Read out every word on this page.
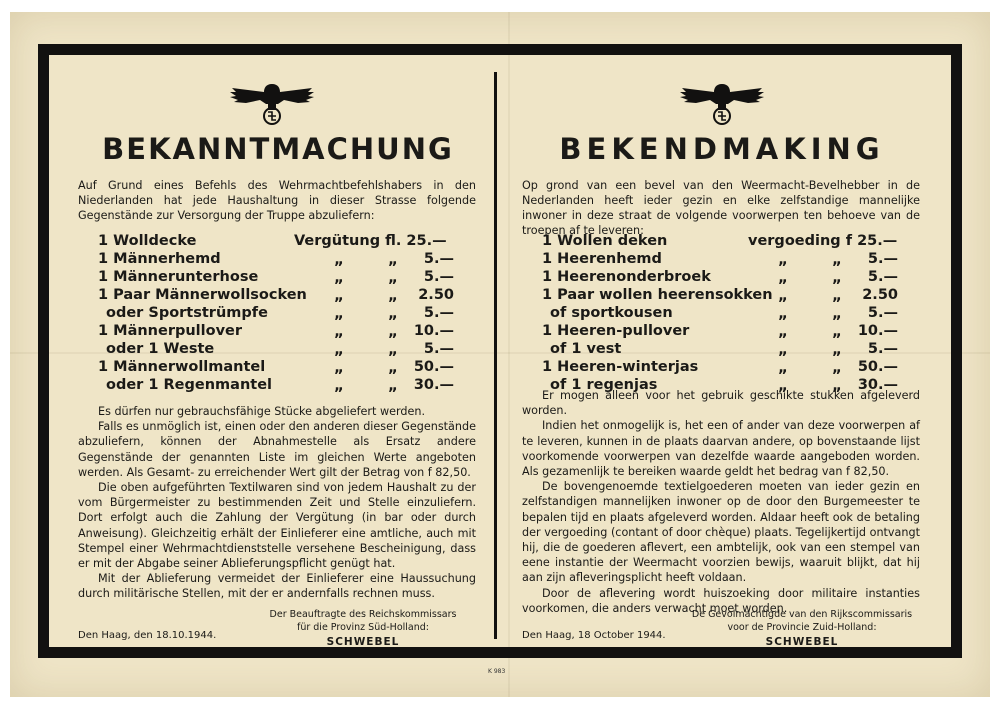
BEKANNTMACHUNG
Auf Grund eines Befehls des Wehrmachtbefehlshabers in den Niederlanden hat jede Haushaltung in dieser Strasse folgende Gegenstände zur Versorgung der Truppe abzuliefern:
1 Wolldecke	Vergütung fl. 25.—
1 Männerhemd	„	„ 5.—
1 Männerunterhose	„	„ 5.—
1 Paar Männerwollsocken „	„ 2.50
oder Sportstrümpfe	„	„ 5.—
1 Männerpullover	„	„ 10.—
oder 1 Weste	„	„ 5.—
1 Männerwollmantel	„	„ 50.—
oder 1 Regenmantel	„	„ 30.—

Es dürfen nur gebrauchsfähige Stücke abgeliefert werden.

Falls es unmöglich ist, einen oder den anderen dieser Gegenstände abzuliefern, können der Abnahmestelle als Ersatz andere Gegenstände der genannten Liste im gleichen Werte angeboten werden. Als Gesamt- zu erreichender Wert gilt der Betrag von f 82,50.

Die oben aufgeführten Textilwaren sind von jedem Haushalt zu der vom Bürgermeister zu bestimmenden Zeit und Stelle einzuliefern. Dort erfolgt auch die Zahlung der Vergütung (in bar oder durch Anweisung). Gleichzeitig erhält der Einlieferer eine amtliche, auch mit Stempel einer Wehrmachtdienststelle versehene Bescheinigung, dass er mit der Abgabe seiner Ablieferungspflicht genügt hat.

Mit der Ablieferung vermeidet der Einlieferer eine Haussuchung durch militärische Stellen, mit der er andernfalls rechnen muss.

Der Beauftragte des Reichskommissars
für die Provinz Süd-Holland:
SCHWEBEL
Den Haag, den 18.10.1944.
BEKENDMAKING
Op grond van een bevel van den Weermacht-Bevelhebber in de Nederlanden heeft ieder gezin en elke zelfstandige mannelijke inwoner in deze straat de volgende voorwerpen ten behoeve van de troepen af te leveren:
1 Wollen deken	vergoeding f 25.—
1 Heerenhemd	„	„ 5.—
1 Heerenonderbroek	„	„ 5.—
1 Paar wollen heerensokken „	„ 2.50
of sportkousen	„	„ 5.—
1 Heeren-pullover	„	„ 10.—
of 1 vest	„	„ 5.—
1 Heeren-winterjas	„	„ 50.—
of 1 regenjas	„	„ 30.—

Er mogen alleen voor het gebruik geschikte stukken afgeleverd worden.

Indien het onmogelijk is, het een of ander van deze voorwerpen af te leveren, kunnen in de plaats daarvan andere, op bovenstaande lijst voorkomende voorwerpen van dezelfde waarde aangeboden worden. Als gezamenlijk te bereiken waarde geldt het bedrag van f 82,50.

De bovengenoemde textielgoederen moeten van ieder gezin en zelfstandigen mannelijken inwoner op de door den Burgemeester te bepalen tijd en plaats afgeleverd worden. Aldaar heeft ook de betaling der vergoeding (contant of door chèque) plaats. Tegelijkertijd ontvangt hij, die de goederen aflevert, een ambtelijk, ook van een stempel van eene instantie der Weermacht voorzien bewijs, waaruit blijkt, dat hij aan zijn afleveringsplicht heeft voldaan.

Door de aflevering wordt huiszoeking door militaire instanties voorkomen, die anders verwacht moet worden.

De Gevolmachtigde van den Rijkscommissaris
voor de Provincie Zuid-Holland:
SCHWEBEL
Den Haag, 18 October 1944.
K 983
